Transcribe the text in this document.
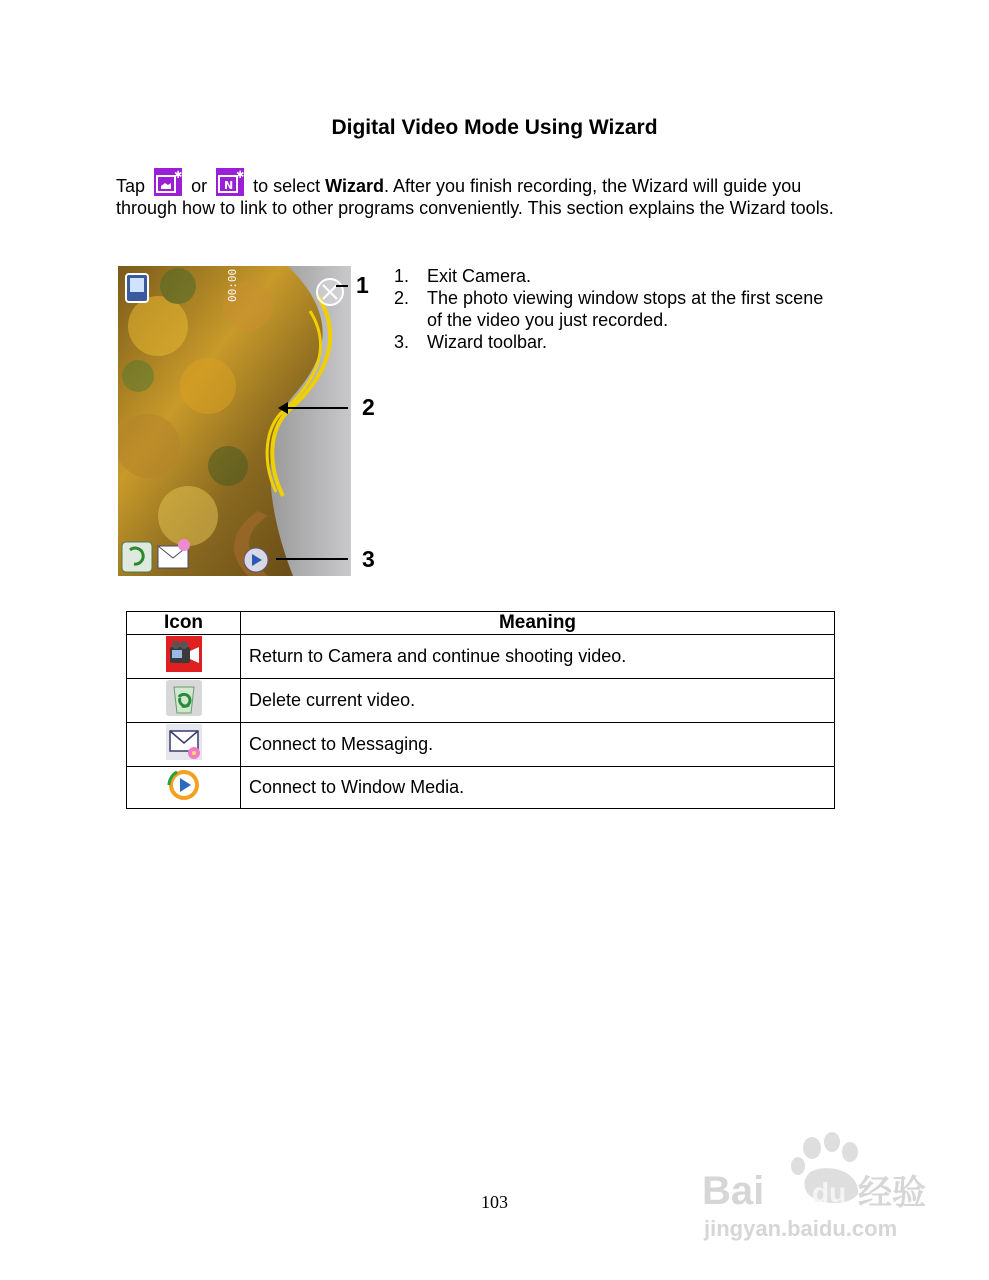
Digital Video Mode Using Wizard
Tap
✱
or N
✱
to select Wizard. After you finish recording, the Wizard will guide you through how to link to other programs conveniently. This section explains the Wizard tools.
00:00	1
2
3
1. Exit Camera.
2. The photo viewing window stops at the first scene of the video you just recorded.
3. Wizard toolbar.
Icon	Meaning
	Return to Camera and continue shooting video.
	Delete current video.
	Connect to Messaging.
	Connect to Window Media.
103	Bai du 经验
jingyan.baidu.com
